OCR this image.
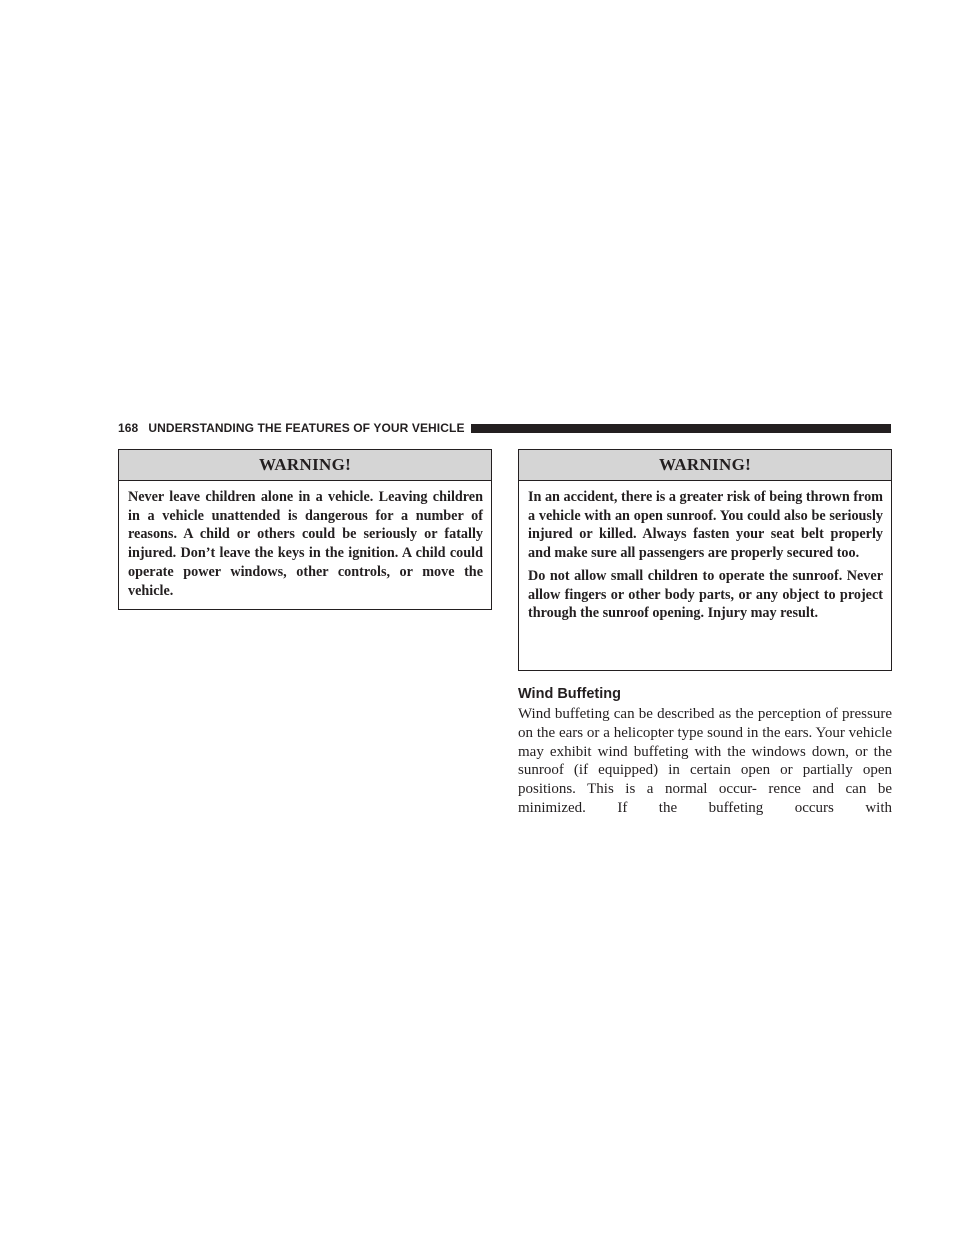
168 UNDERSTANDING THE FEATURES OF YOUR VEHICLE
WARNING!

Never leave children alone in a vehicle. Leaving children in a vehicle unattended is dangerous for a number of reasons. A child or others could be seriously or fatally injured. Don’t leave the keys in the ignition. A child could operate power windows, other controls, or move the vehicle.

WARNING!

In an accident, there is a greater risk of being thrown from a vehicle with an open sunroof. You could also be seriously injured or killed. Always fasten your seat belt properly and make sure all passengers are properly secured too.

Do not allow small children to operate the sunroof. Never allow fingers or other body parts, or any object to project through the sunroof opening. Injury may result.

Wind Buffeting

Wind buffeting can be described as the perception of pressure on the ears or a helicopter type sound in the ears. Your vehicle may exhibit wind buffeting with the windows down, or the sunroof (if equipped) in certain open or partially open positions. This is a normal occur- rence and can be minimized. If the buffeting occurs with
